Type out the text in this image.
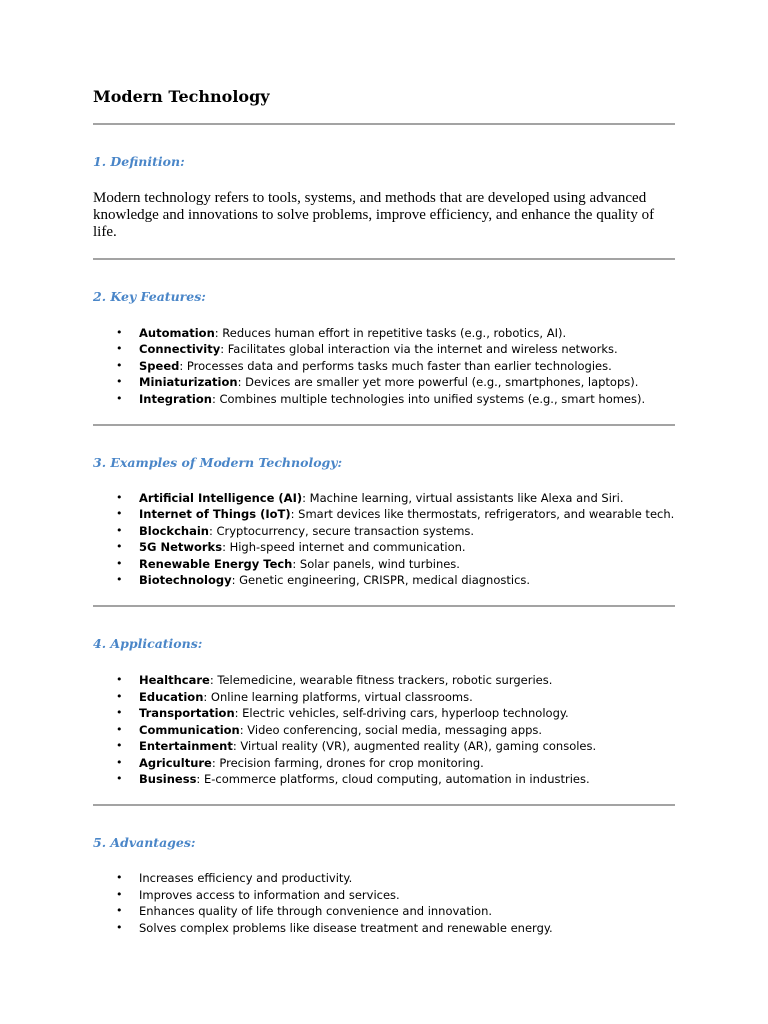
Modern Technology
1. Definition:

Modern technology refers to tools, systems, and methods that are developed using advanced knowledge and innovations to solve problems, improve efficiency, and enhance the quality of life.

2. Key Features:
• Automation: Reduces human effort in repetitive tasks (e.g., robotics, AI).
• Connectivity: Facilitates global interaction via the internet and wireless networks.
• Speed: Processes data and performs tasks much faster than earlier technologies.
• Miniaturization: Devices are smaller yet more powerful (e.g., smartphones, laptops).
• Integration: Combines multiple technologies into unified systems (e.g., smart homes).
3. Examples of Modern Technology:
• Artificial Intelligence (AI): Machine learning, virtual assistants like Alexa and Siri.
• Internet of Things (IoT): Smart devices like thermostats, refrigerators, and wearable tech.
• Blockchain: Cryptocurrency, secure transaction systems.
• 5G Networks: High-speed internet and communication.
• Renewable Energy Tech: Solar panels, wind turbines.
• Biotechnology: Genetic engineering, CRISPR, medical diagnostics.
4. Applications:
• Healthcare: Telemedicine, wearable fitness trackers, robotic surgeries.
• Education: Online learning platforms, virtual classrooms.
• Transportation: Electric vehicles, self-driving cars, hyperloop technology.
• Communication: Video conferencing, social media, messaging apps.
• Entertainment: Virtual reality (VR), augmented reality (AR), gaming consoles.
• Agriculture: Precision farming, drones for crop monitoring.
• Business: E-commerce platforms, cloud computing, automation in industries.
5. Advantages:
• Increases efficiency and productivity.
• Improves access to information and services.
• Enhances quality of life through convenience and innovation.
• Solves complex problems like disease treatment and renewable energy.
